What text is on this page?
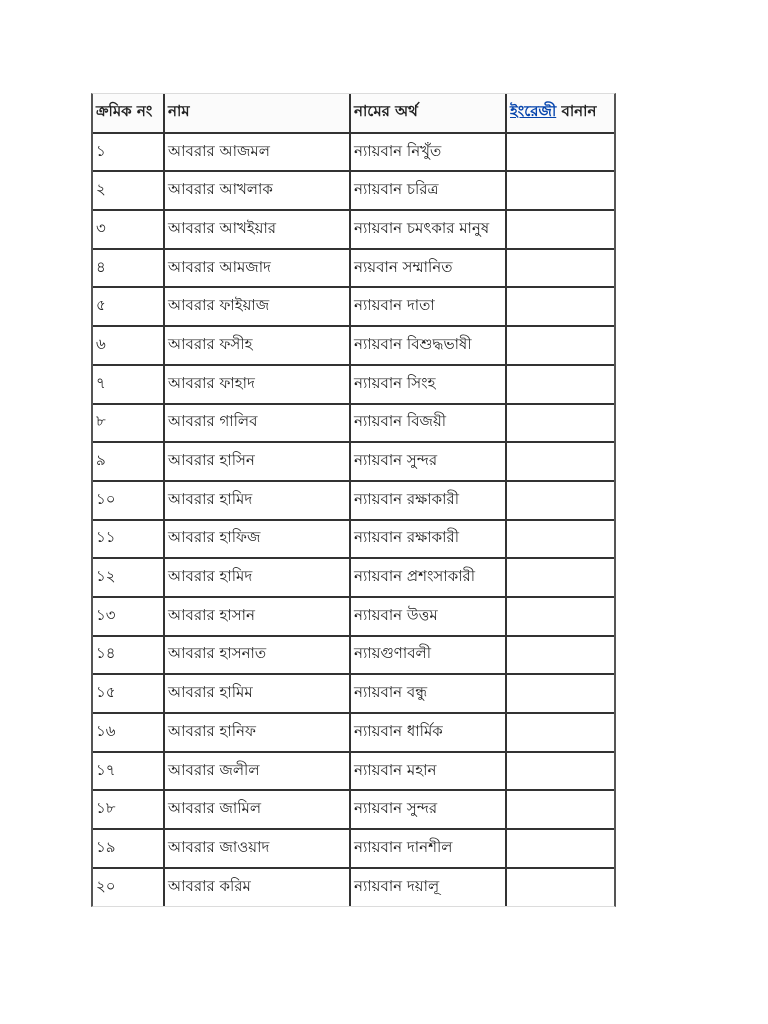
ক্রমিক নং	নাম	নামের অর্থ	ইংরেজী বানান
১	আবরার আজমল	ন্যায়বান নিখুঁত	
২	আবরার আখলাক	ন্যায়বান চরিত্র	
৩	আবরার আখইয়ার	ন্যায়বান চমৎকার মানুষ	
৪	আবরার আমজাদ	ন্যয়বান সম্মানিত	
৫	আবরার ফাইয়াজ	ন্যায়বান দাতা	
৬	আবরার ফসীহ	ন্যায়বান বিশুদ্ধভাষী	
৭	আবরার ফাহাদ	ন্যায়বান সিংহ	
৮	আবরার গালিব	ন্যায়বান বিজয়ী	
৯	আবরার হাসিন	ন্যায়বান সুন্দর	
১০	আবরার হামিদ	ন্যায়বান রক্ষাকারী	
১১	আবরার হাফিজ	ন্যায়বান রক্ষাকারী	
১২	আবরার হামিদ	ন্যায়বান প্রশংসাকারী	
১৩	আবরার হাসান	ন্যায়বান উত্তম	
১৪	আবরার হাসনাত	ন্যায়গুণাবলী	
১৫	আবরার হামিম	ন্যায়বান বন্ধু	
১৬	আবরার হানিফ	ন্যায়বান ধার্মিক	
১৭	আবরার জলীল	ন্যায়বান মহান	
১৮	আবরার জামিল	ন্যায়বান সুন্দর	
১৯	আবরার জাওয়াদ	ন্যায়বান দানশীল	
২০	আবরার করিম	ন্যায়বান দয়ালূ	
